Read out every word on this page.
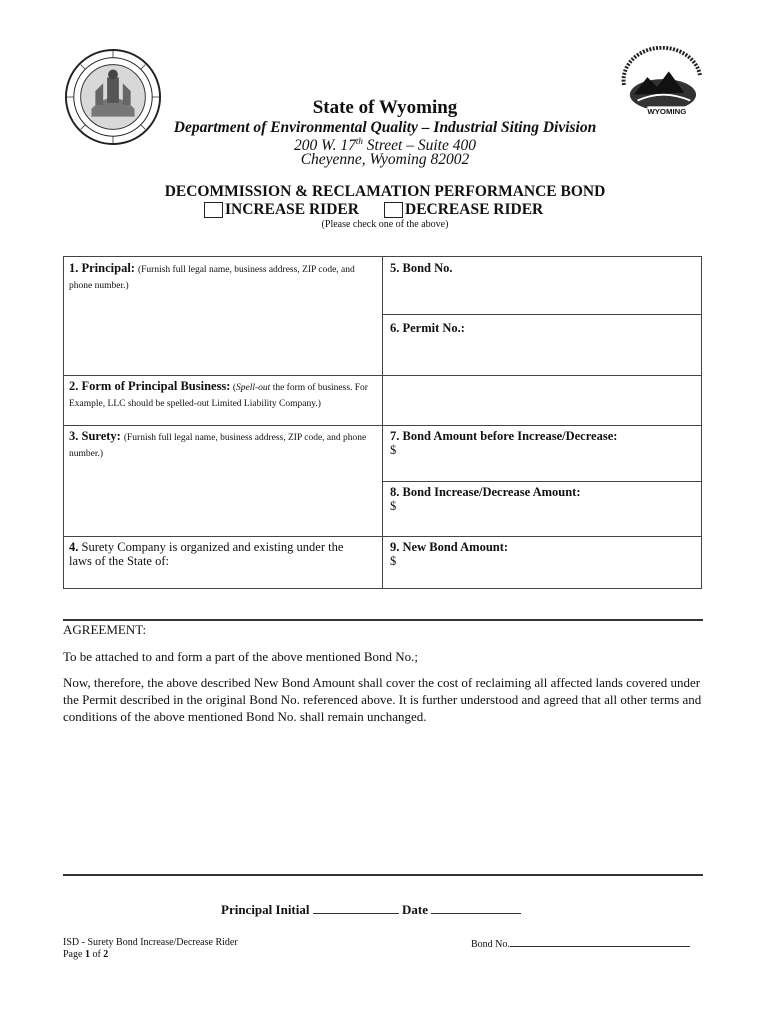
WYOMING
State of Wyoming
Department of Environmental Quality – Industrial Siting Division
200 W. 17th Street – Suite 400
Cheyenne, Wyoming 82002
DECOMMISSION & RECLAMATION PERFORMANCE BOND
INCREASE RIDER	DECREASE RIDER
(Please check one of the above)
1. Principal: (Furnish full legal name, business address, ZIP code, and phone number.)
5. Bond No.
6. Permit No.:
2. Form of Principal Business: (Spell-out the form of business. For Example, LLC should be spelled-out Limited Liability Company.)
3. Surety: (Furnish full legal name, business address, ZIP code, and phone number.)
7. Bond Amount before Increase/Decrease:
$
8. Bond Increase/Decrease Amount:
$
4. Surety Company is organized and existing under the laws of the State of:
9. New Bond Amount:
$
AGREEMENT:
To be attached to and form a part of the above mentioned Bond No.;
Now, therefore, the above described New Bond Amount shall cover the cost of reclaiming all affected lands covered under the Permit described in the original Bond No. referenced above. It is further understood and agreed that all other terms and conditions of the above mentioned Bond No. shall remain unchanged.
Principal Initial	Date
ISD - Surety Bond Increase/Decrease Rider
Page 1 of 2
Bond No.
